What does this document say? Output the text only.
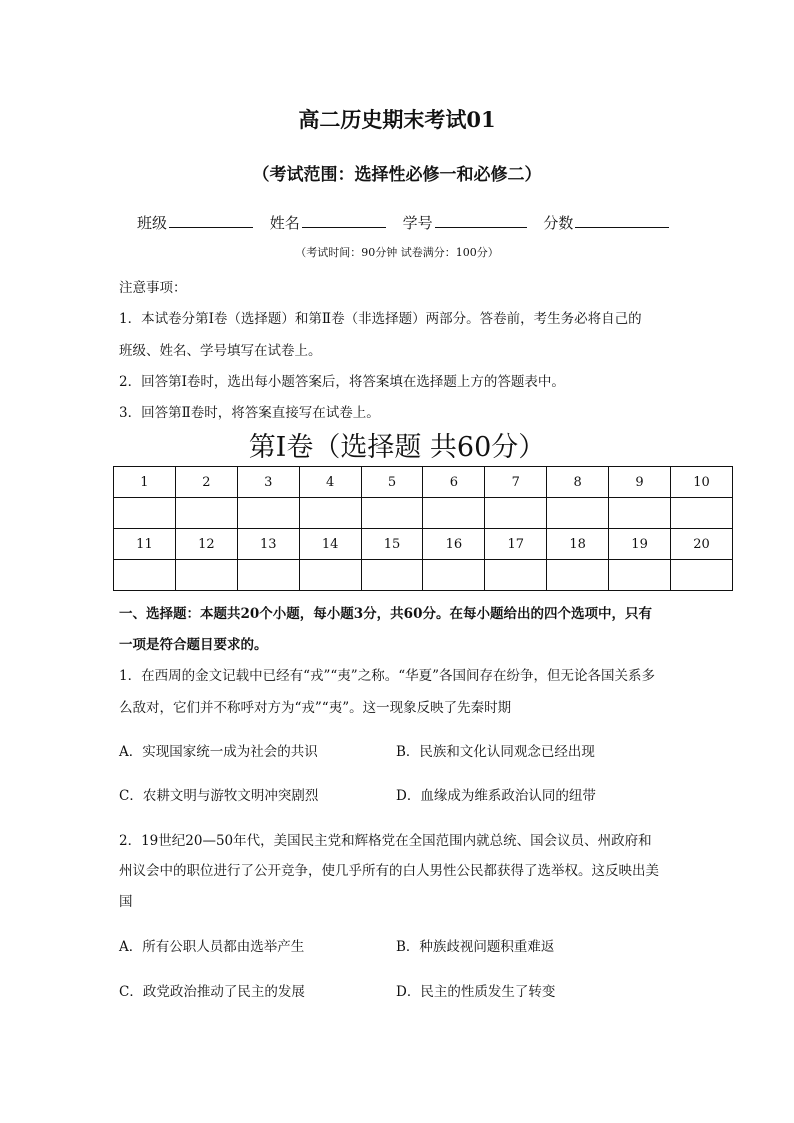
高二历史期末考试01
（考试范围：选择性必修一和必修二）
班级	姓名	学号	分数
（考试时间：90分钟 试卷满分：100分）
注意事项：
1．本试卷分第Ⅰ卷（选择题）和第Ⅱ卷（非选择题）两部分。答卷前，考生务必将自己的
班级、姓名、学号填写在试卷上。
2．回答第Ⅰ卷时，选出每小题答案后，将答案填在选择题上方的答题表中。
3．回答第Ⅱ卷时，将答案直接写在试卷上。
第Ⅰ卷（选择题 共60分）
1	2	3	4	5	6	7	8	9	10

11	12	13	14	15	16	17	18	19	20

一、选择题：本题共20个小题，每小题3分，共60分。在每小题给出的四个选项中，只有
一项是符合题目要求的。
1．在西周的金文记载中已经有“戎”“夷”之称。“华夏”各国间存在纷争，但无论各国关系多
么敌对，它们并不称呼对方为“戎”“夷”。这一现象反映了先秦时期
A．实现国家统一成为社会的共识	B．民族和文化认同观念已经出现
C．农耕文明与游牧文明冲突剧烈	D．血缘成为维系政治认同的纽带
2．19世纪20—50年代，美国民主党和辉格党在全国范围内就总统、国会议员、州政府和
州议会中的职位进行了公开竞争，使几乎所有的白人男性公民都获得了选举权。这反映出美
国
A．所有公职人员都由选举产生	B．种族歧视问题积重难返
C．政党政治推动了民主的发展	D．民主的性质发生了转变
